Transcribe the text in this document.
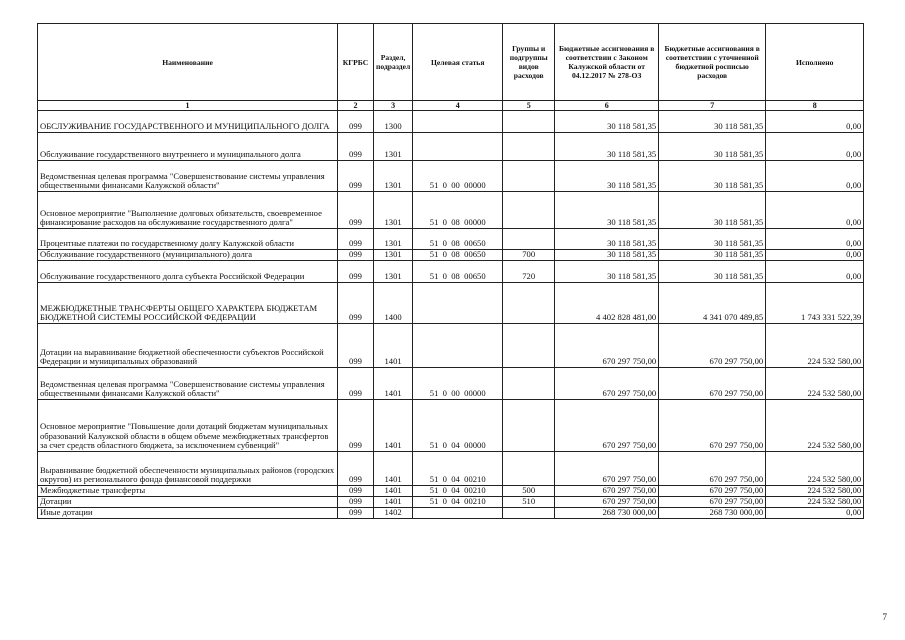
Наименование	КГРБС	Раздел, подраздел	Целевая статья	Группы и подгруппы видов расходов	Бюджетные ассигнования в соответствии с Законом Калужской области от 04.12.2017 № 278-ОЗ	Бюджетные ассигнования в соответствии с уточненной бюджетной росписью расходов	Исполнено
1	2	3	4	5	6	7	8
ОБСЛУЖИВАНИЕ ГОСУДАРСТВЕННОГО И МУНИЦИПАЛЬНОГО ДОЛГА	099	1300			30 118 581,35	30 118 581,35	0,00
Обслуживание государственного внутреннего и муниципального долга	099	1301			30 118 581,35	30 118 581,35	0,00
Ведомственная целевая программа "Совершенствование системы управления общественными финансами Калужской области"	099	1301	51  0  00  00000		30 118 581,35	30 118 581,35	0,00
Основное мероприятие "Выполнение долговых обязательств, своевременное финансирование расходов на обслуживание государственного долга"	099	1301	51  0  08  00000		30 118 581,35	30 118 581,35	0,00
Процентные платежи по государственному долгу Калужской области	099	1301	51  0  08  00650		30 118 581,35	30 118 581,35	0,00
Обслуживание государственного (муниципального) долга	099	1301	51  0  08  00650	700	30 118 581,35	30 118 581,35	0,00
Обслуживание государственного долга субъекта Российской Федерации	099	1301	51  0  08  00650	720	30 118 581,35	30 118 581,35	0,00
МЕЖБЮДЖЕТНЫЕ ТРАНСФЕРТЫ ОБЩЕГО ХАРАКТЕРА БЮДЖЕТАМ БЮДЖЕТНОЙ СИСТЕМЫ РОССИЙСКОЙ ФЕДЕРАЦИИ	099	1400			4 402 828 481,00	4 341 070 489,85	1 743 331 522,39
Дотации на выравнивание бюджетной обеспеченности субъектов Российской Федерации и муниципальных образований	099	1401			670 297 750,00	670 297 750,00	224 532 580,00
Ведомственная целевая программа "Совершенствование системы управления общественными финансами Калужской области"	099	1401	51  0  00  00000		670 297 750,00	670 297 750,00	224 532 580,00
Основное мероприятие "Повышение доли дотаций бюджетам муниципальных образований Калужской области в общем объеме межбюджетных трансфертов за счет средств областного бюджета, за исключением субвенций"	099	1401	51  0  04  00000		670 297 750,00	670 297 750,00	224 532 580,00
Выравнивание бюджетной обеспеченности муниципальных районов (городских округов) из регионального фонда финансовой поддержки	099	1401	51  0  04  00210		670 297 750,00	670 297 750,00	224 532 580,00
Межбюджетные трансферты	099	1401	51  0  04  00210	500	670 297 750,00	670 297 750,00	224 532 580,00
Дотации	099	1401	51  0  04  00210	510	670 297 750,00	670 297 750,00	224 532 580,00
Иные дотации	099	1402			268 730 000,00	268 730 000,00	0,00
7
